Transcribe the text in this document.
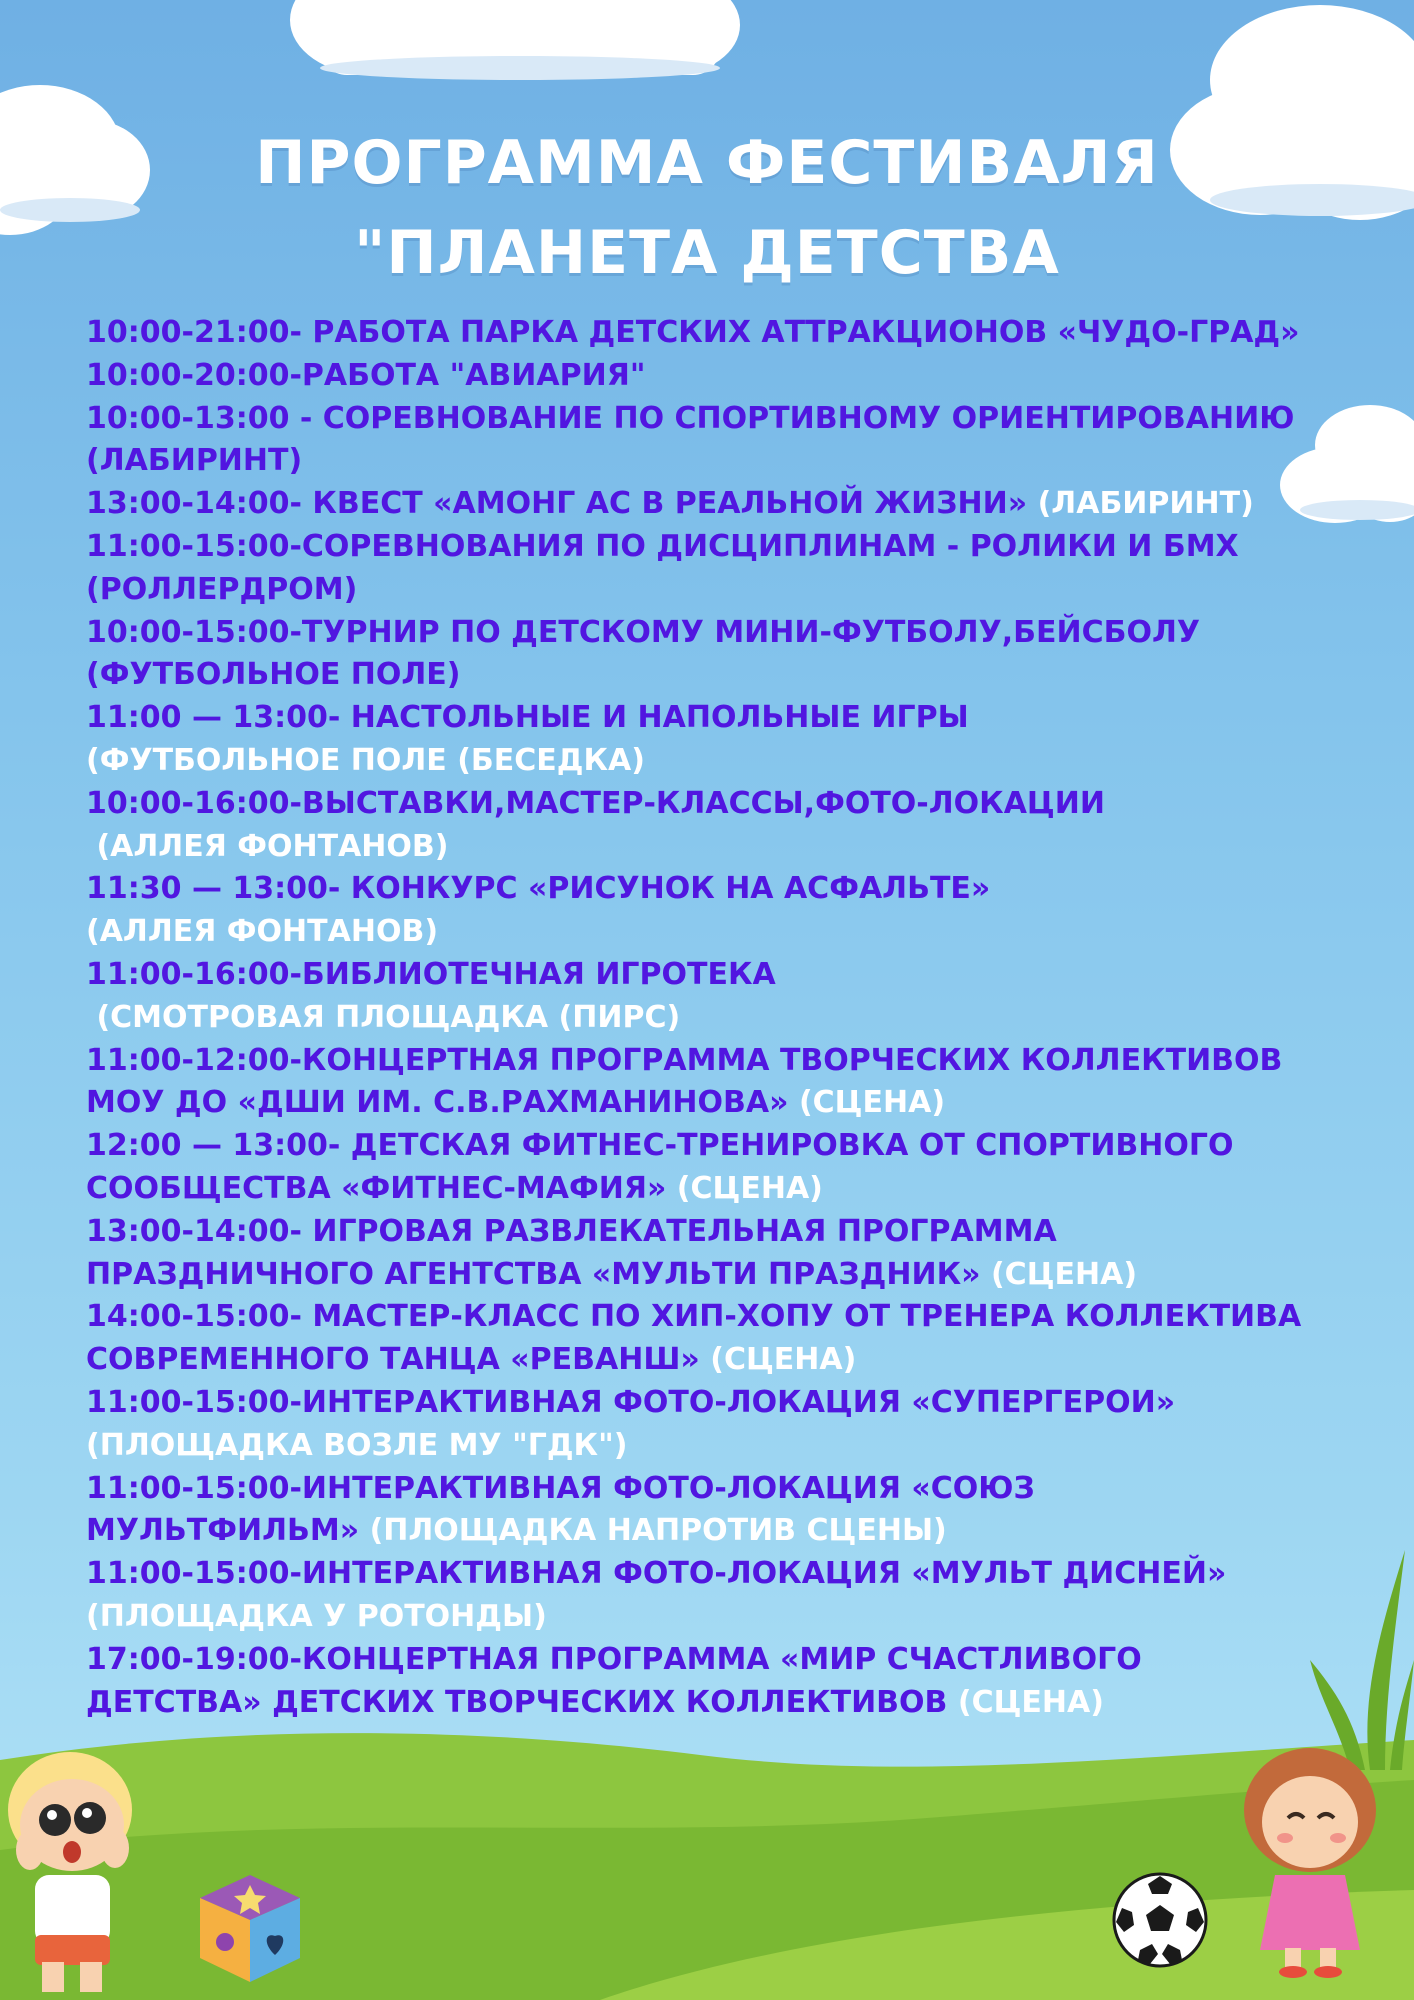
ПРОГРАММА ФЕСТИВАЛЯ
"ПЛАНЕТА ДЕТСТВА
10:00-21:00- РАБОТА ПАРКА ДЕТСКИХ АТТРАКЦИОНОВ «ЧУДО-ГРАД»
10:00-20:00-РАБОТА "АВИАРИЯ"
10:00-13:00 - СОРЕВНОВАНИЕ ПО СПОРТИВНОМУ ОРИЕНТИРОВАНИЮ
(ЛАБИРИНТ)
13:00-14:00- КВЕСТ «АМОНГ АС В РЕАЛЬНОЙ ЖИЗНИ» (ЛАБИРИНТ)
11:00-15:00-СОРЕВНОВАНИЯ ПО ДИСЦИПЛИНАМ - РОЛИКИ И БМХ
(РОЛЛЕРДРОМ)
10:00-15:00-ТУРНИР ПО ДЕТСКОМУ МИНИ-ФУТБОЛУ,БЕЙСБОЛУ
(ФУТБОЛЬНОЕ ПОЛЕ)
11:00 — 13:00- НАСТОЛЬНЫЕ И НАПОЛЬНЫЕ ИГРЫ
(ФУТБОЛЬНОЕ ПОЛЕ (БЕСЕДКА)
10:00-16:00-ВЫСТАВКИ,МАСТЕР-КЛАССЫ,ФОТО-ЛОКАЦИИ
(АЛЛЕЯ ФОНТАНОВ)
11:30 — 13:00- КОНКУРС «РИСУНОК НА АСФАЛЬТЕ»
(АЛЛЕЯ ФОНТАНОВ)
11:00-16:00-БИБЛИОТЕЧНАЯ ИГРОТЕКА
(СМОТРОВАЯ ПЛОЩАДКА (ПИРС)
11:00-12:00-КОНЦЕРТНАЯ ПРОГРАММА ТВОРЧЕСКИХ КОЛЛЕКТИВОВ
МОУ ДО «ДШИ ИМ. С.В.РАХМАНИНОВА» (СЦЕНА)
12:00 — 13:00- ДЕТСКАЯ ФИТНЕС-ТРЕНИРОВКА ОТ СПОРТИВНОГО
СООБЩЕСТВА «ФИТНЕС-МАФИЯ» (СЦЕНА)
13:00-14:00- ИГРОВАЯ РАЗВЛЕКАТЕЛЬНАЯ ПРОГРАММА
ПРАЗДНИЧНОГО АГЕНТСТВА «МУЛЬТИ ПРАЗДНИК» (СЦЕНА)
14:00-15:00- МАСТЕР-КЛАСС ПО ХИП-ХОПУ ОТ ТРЕНЕРА КОЛЛЕКТИВА
СОВРЕМЕННОГО ТАНЦА «РЕВАНШ» (СЦЕНА)
11:00-15:00-ИНТЕРАКТИВНАЯ ФОТО-ЛОКАЦИЯ «СУПЕРГЕРОИ»
(ПЛОЩАДКА ВОЗЛЕ МУ "ГДК")
11:00-15:00-ИНТЕРАКТИВНАЯ ФОТО-ЛОКАЦИЯ «СОЮЗ
МУЛЬТФИЛЬМ» (ПЛОЩАДКА НАПРОТИВ СЦЕНЫ)
11:00-15:00-ИНТЕРАКТИВНАЯ ФОТО-ЛОКАЦИЯ «МУЛЬТ ДИСНЕЙ»
(ПЛОЩАДКА У РОТОНДЫ)
17:00-19:00-КОНЦЕРТНАЯ ПРОГРАММА «МИР СЧАСТЛИВОГО
ДЕТСТВА» ДЕТСКИХ ТВОРЧЕСКИХ КОЛЛЕКТИВОВ (СЦЕНА)
